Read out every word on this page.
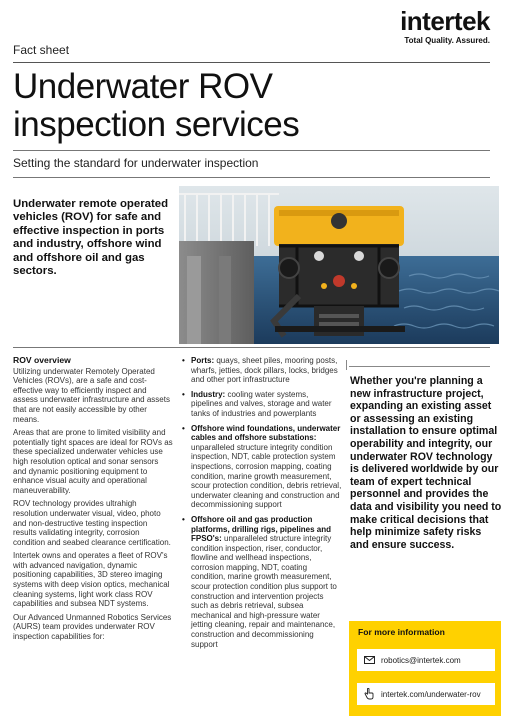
intertek
Total Quality. Assured.
Fact sheet
Underwater ROV inspection services
Setting the standard for underwater inspection
Underwater remote operated vehicles (ROV) for safe and effective inspection in ports and industry, offshore wind and offshore oil and gas sectors.
ROV overview

Utilizing underwater Remotely Operated Vehicles (ROVs), are a safe and cost-effective way to efficiently inspect and assess underwater infrastructure and assets that are not easily accessible by other means.

Areas that are prone to limited visibility and potentially tight spaces are ideal for ROVs as these specialized underwater vehicles use high resolution optical and sonar sensors and dynamic positioning equipment to enhance visual acuity and operational maneuverability.

ROV technology provides ultrahigh resolution underwater visual, video, photo and non-destructive testing inspection results validating integrity, corrosion condition and seabed clearance certification.

Intertek owns and operates a fleet of ROV's with advanced navigation, dynamic positioning capabilities, 3D stereo imaging systems with deep vision optics, mechanical cleaning systems, light work class ROV capabilities and subsea NDT systems.

Our Advanced Unmanned Robotics Services (AURS) team provides underwater ROV inspection capabilities for:

• Ports: quays, sheet piles, mooring posts, wharfs, jetties, dock pillars, locks, bridges and other port infrastructure
• Industry: cooling water systems, pipelines and valves, storage and water tanks of industries and powerplants
• Offshore wind foundations, underwater cables and offshore substations: unparalleled structure integrity condition inspection, NDT, cable protection system inspections, corrosion mapping, coating condition, marine growth measurement, scour protection condition, debris retrieval, underwater cleaning and construction and decommissioning support
• Offshore oil and gas production platforms, drilling rigs, pipelines and FPSO's: unparalleled structure integrity condition inspection, riser, conductor, flowline and wellhead inspections, corrosion mapping, NDT, coating condition, marine growth measurement, scour protection condition plus support to construction and intervention projects such as debris retrieval, subsea mechanical and high-pressure water jetting cleaning, repair and maintenance, construction and decommissioning support
Whether you're planning a new infrastructure project, expanding an existing asset or assessing an existing installation to ensure optimal operability and integrity, our underwater ROV technology is delivered worldwide by our team of expert technical personnel and provides the data and visibility you need to make critical decisions that help minimize safety risks and ensure success.
For more information
robotics@intertek.com
intertek.com/underwater-rov
